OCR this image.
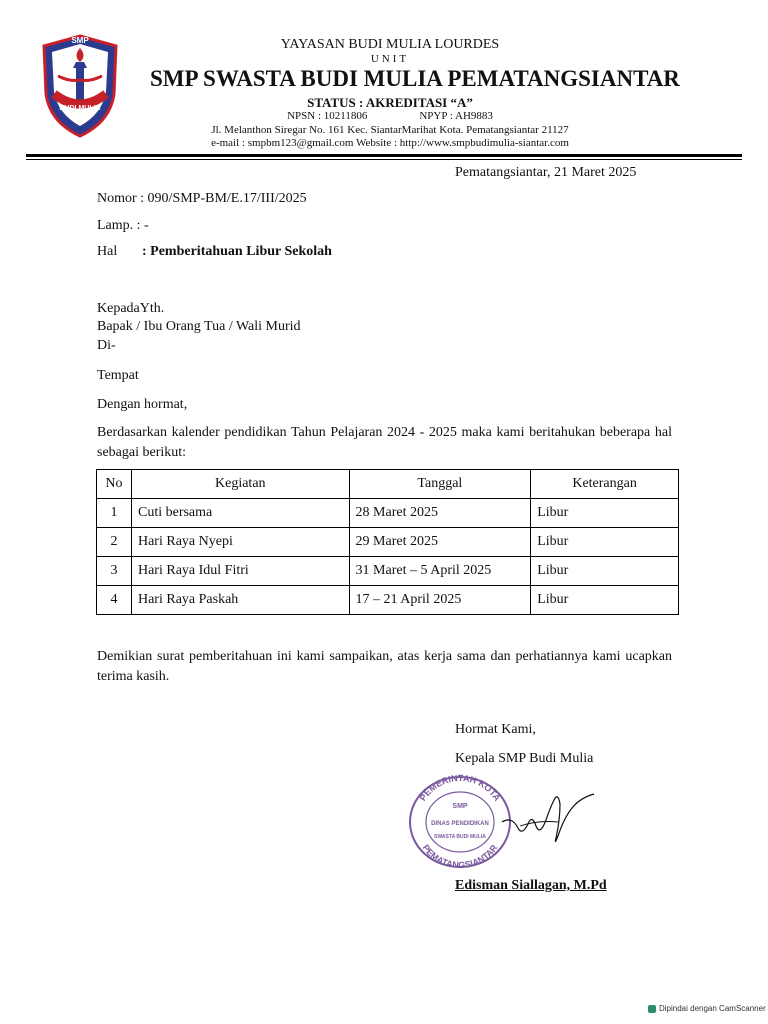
SMP
BUDI MULIA
YAYASAN BUDI MULIA LOURDES
UNIT
SMP SWASTA BUDI MULIA PEMATANGSIANTAR
STATUS : AKREDITASI “A”
NPSN : 10211806	NPYP : AH9883
Jl. Melanthon Siregar No. 161 Kec. SiantarMarihat Kota. Pematangsiantar 21127
e-mail : smpbm123@gmail.com Website : http://www.smpbudimulia-siantar.com
Pematangsiantar, 21 Maret 2025
Nomor : 090/SMP-BM/E.17/III/2025
Lamp. : -
Hal : Pemberitahuan Libur Sekolah
KepadaYth.
Bapak / Ibu Orang Tua / Wali Murid
Di-
Tempat
Dengan hormat,
Berdasarkan kalender pendidikan Tahun Pelajaran 2024 - 2025 maka kami beritahukan beberapa hal sebagai berikut:
No	Kegiatan	Tanggal	Keterangan
1	Cuti bersama	28 Maret 2025	Libur
2	Hari Raya Nyepi	29 Maret 2025	Libur
3	Hari Raya Idul Fitri	31 Maret – 5 April 2025	Libur
4	Hari Raya Paskah	17 – 21 April 2025	Libur
Demikian surat pemberitahuan ini kami sampaikan, atas kerja sama dan perhatiannya kami ucapkan terima kasih.
Hormat Kami,
Kepala SMP Budi Mulia
PEMERINTAH KOTA
PEMATANGSIANTAR
SMP
DINAS PENDIDIKAN
SWASTA BUDI MULIA
Edisman Siallagan, M.Pd
Dipindai dengan CamScanner
